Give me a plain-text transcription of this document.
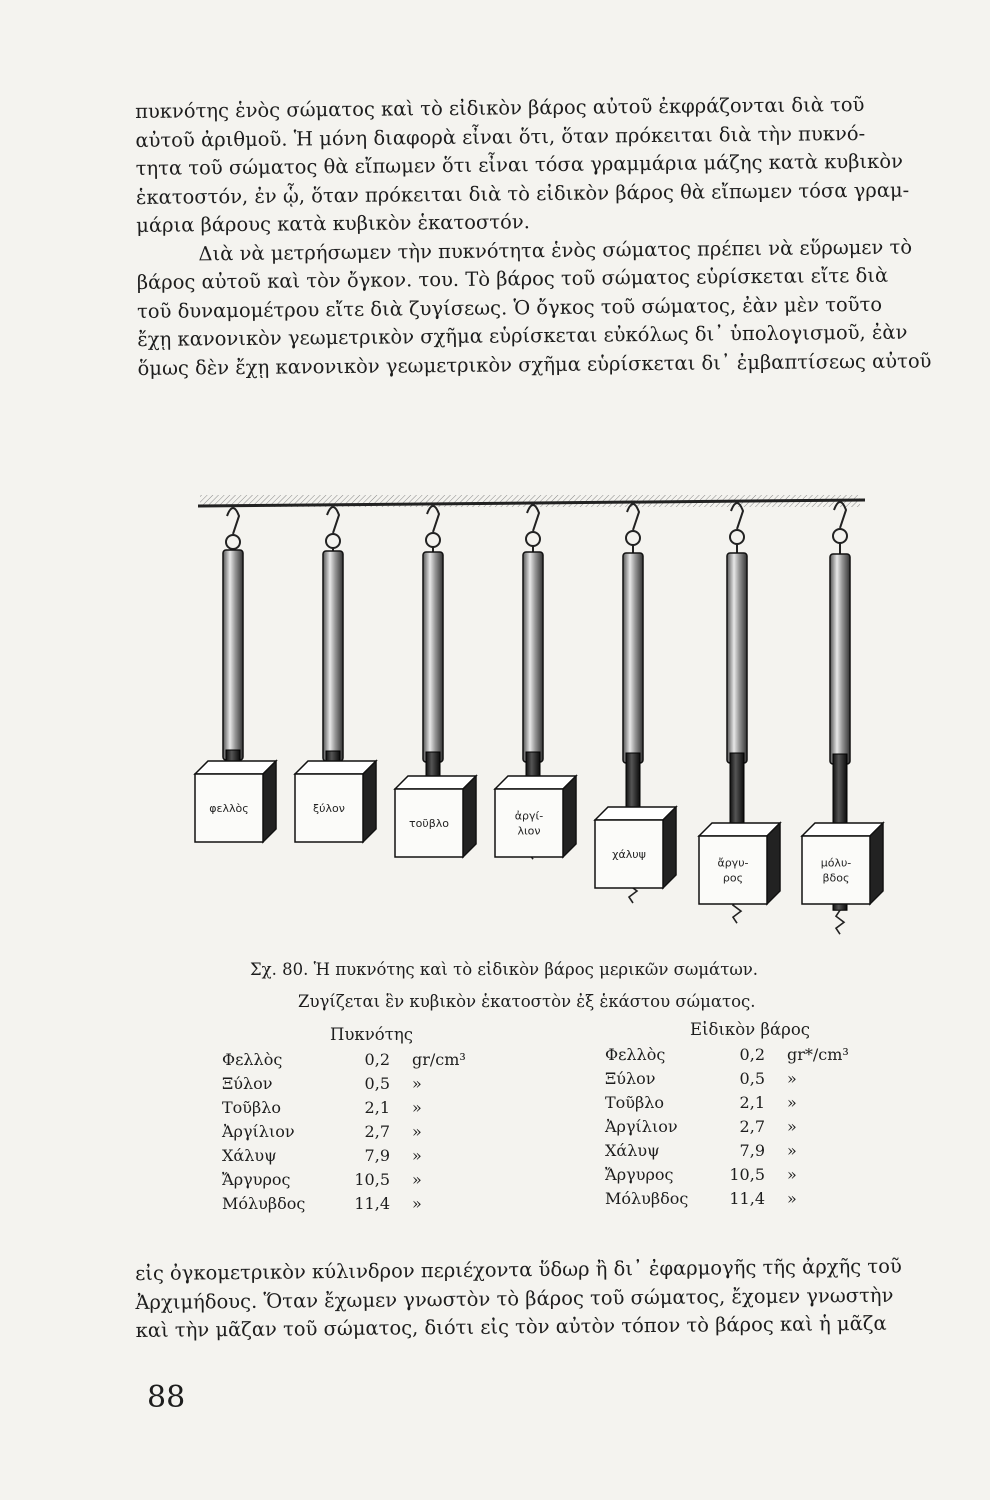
πυκνότης ἑνὸς σώματος καὶ τὸ εἰδικὸν βάρος αὐτοῦ ἐκφράζονται διὰ τοῦ
αὐτοῦ ἀριθμοῦ. Ἡ μόνη διαφορὰ εἶναι ὅτι, ὅταν πρόκειται διὰ τὴν πυκνό-
τητα τοῦ σώματος θὰ εἴπωμεν ὅτι εἶναι τόσα γραμμάρια μάζης κατὰ κυβικὸν
ἑκατοστόν, ἐν ᾧ, ὅταν πρόκειται διὰ τὸ εἰδικὸν βάρος θὰ εἴπωμεν τόσα γραμ-
μάρια βάρους κατὰ κυβικὸν ἑκατοστόν.
Διὰ νὰ μετρήσωμεν τὴν πυκνότητα ἑνὸς σώματος πρέπει νὰ εὕρωμεν τὸ
βάρος αὐτοῦ καὶ τὸν ὄγκον. του. Τὸ βάρος τοῦ σώματος εὑρίσκεται εἴτε διὰ
τοῦ δυναμομέτρου εἴτε διὰ ζυγίσεως. Ὁ ὄγκος τοῦ σώματος, ἐὰν μὲν τοῦτο
ἔχῃ κανονικὸν γεωμετρικὸν σχῆμα εὑρίσκεται εὐκόλως δι᾽ ὑπολογισμοῦ, ἐὰν
ὅμως δὲν ἔχῃ κανονικὸν γεωμετρικὸν σχῆμα εὑρίσκεται δι᾽ ἐμβαπτίσεως αὐτοῦ
φελλὸς	ξύλον
τοῦβλο
ἀργί-
λιον
χάλυψ
ἄργυ-
ρος
μόλυ-
βδος
Σχ. 80. Ἡ πυκνότης καὶ τὸ εἰδικὸν βάρος μερικῶν σωμάτων.
Ζυγίζεται ἓν κυβικὸν ἑκατοστὸν ἐξ ἑκάστου σώματος.
Πυκνότης	Εἰδικὸν βάρος
Φελλὸς	0,2	gr/cm³
Ξύλον	0,5	»
Τοῦβλο	2,1	»
Ἀργίλιον	2,7	»
Χάλυψ	7,9	»
Ἄργυρος	10,5	»
Μόλυβδος	11,4	»
Φελλὸς	0,2	gr*/cm³
Ξύλον	0,5	»
Τοῦβλο	2,1	»
Ἀργίλιον	2,7	»
Χάλυψ	7,9	»
Ἄργυρος	10,5	»
Μόλυβδος	11,4	»
εἰς ὀγκομετρικὸν κύλινδρον περιέχοντα ὕδωρ ἢ δι᾽ ἐφαρμογῆς τῆς ἀρχῆς τοῦ
Ἀρχιμήδους. Ὅταν ἔχωμεν γνωστὸν τὸ βάρος τοῦ σώματος, ἔχομεν γνωστὴν
καὶ τὴν μᾶζαν τοῦ σώματος, διότι εἰς τὸν αὐτὸν τόπον τὸ βάρος καὶ ἡ μᾶζα
88
